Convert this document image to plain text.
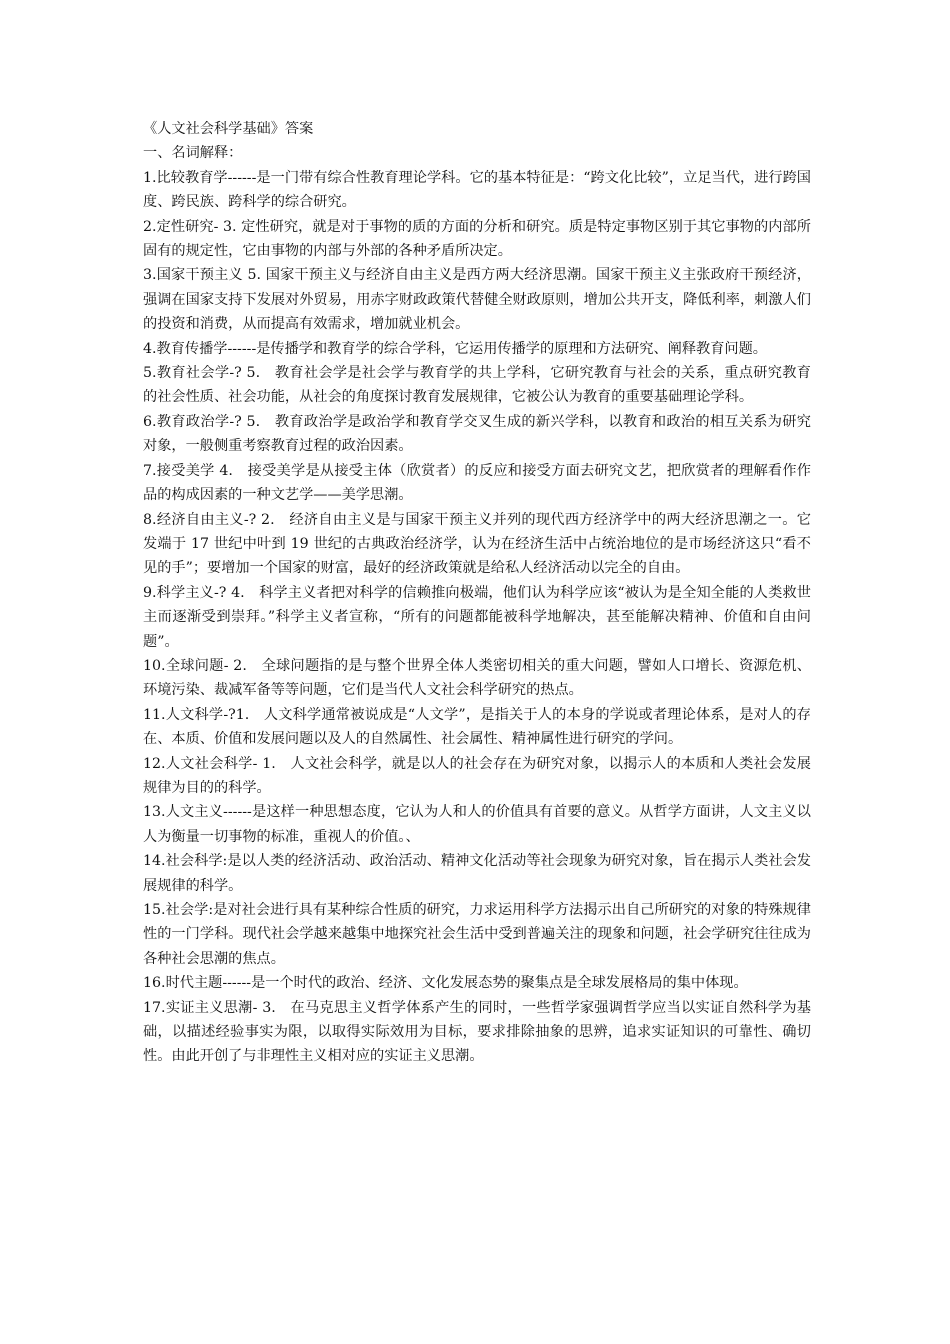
《人文社会科学基础》答案

一、名词解释：

1.比较教育学------是一门带有综合性教育理论学科。它的基本特征是：“跨文化比较”，立足当代，进行跨国度、跨民族、跨科学的综合研究。

2.定性研究- 3. 定性研究，就是对于事物的质的方面的分析和研究。质是特定事物区别于其它事物的内部所固有的规定性，它由事物的内部与外部的各种矛盾所决定。

3.国家干预主义 5. 国家干预主义与经济自由主义是西方两大经济思潮。国家干预主义主张政府干预经济，强调在国家支持下发展对外贸易，用赤字财政政策代替健全财政原则，增加公共开支，降低利率，刺激人们的投资和消费，从而提高有效需求，增加就业机会。

4.教育传播学------是传播学和教育学的综合学科，它运用传播学的原理和方法研究、阐释教育问题。

5.教育社会学-? 5.　教育社会学是社会学与教育学的共上学科，它研究教育与社会的关系，重点研究教育的社会性质、社会功能，从社会的角度探讨教育发展规律，它被公认为教育的重要基础理论学科。

6.教育政治学-? 5.　教育政治学是政治学和教育学交叉生成的新兴学科，以教育和政治的相互关系为研究对象，一般侧重考察教育过程的政治因素。

7.接受美学 4.　接受美学是从接受主体（欣赏者）的反应和接受方面去研究文艺，把欣赏者的理解看作作品的构成因素的一种文艺学——美学思潮。

8.经济自由主义-? 2.　经济自由主义是与国家干预主义并列的现代西方经济学中的两大经济思潮之一。它发端于 17 世纪中叶到 19 世纪的古典政治经济学，认为在经济生活中占统治地位的是市场经济这只“看不见的手”；要增加一个国家的财富，最好的经济政策就是给私人经济活动以完全的自由。

9.科学主义-? 4.　科学主义者把对科学的信赖推向极端，他们认为科学应该“被认为是全知全能的人类救世主而逐渐受到崇拜。”科学主义者宣称，“所有的问题都能被科学地解决，甚至能解决精神、价值和自由问题”。

10.全球问题- 2.　全球问题指的是与整个世界全体人类密切相关的重大问题，譬如人口增长、资源危机、环境污染、裁减军备等等问题，它们是当代人文社会科学研究的热点。

11.人文科学-?1.　人文科学通常被说成是“人文学”，是指关于人的本身的学说或者理论体系，是对人的存在、本质、价值和发展问题以及人的自然属性、社会属性、精神属性进行研究的学问。

12.人文社会科学- 1.　人文社会科学，就是以人的社会存在为研究对象，以揭示人的本质和人类社会发展规律为目的的科学。

13.人文主义------是这样一种思想态度，它认为人和人的价值具有首要的意义。从哲学方面讲，人文主义以人为衡量一切事物的标准，重视人的价值。、

14.社会科学:是以人类的经济活动、政治活动、精神文化活动等社会现象为研究对象，旨在揭示人类社会发展规律的科学。

15.社会学:是对社会进行具有某种综合性质的研究，力求运用科学方法揭示出自己所研究的对象的特殊规律性的一门学科。现代社会学越来越集中地探究社会生活中受到普遍关注的现象和问题，社会学研究往往成为各种社会思潮的焦点。

16.时代主题------是一个时代的政治、经济、文化发展态势的聚集点是全球发展格局的集中体现。

17.实证主义思潮- 3.　在马克思主义哲学体系产生的同时，一些哲学家强调哲学应当以实证自然科学为基础，以描述经验事实为限，以取得实际效用为目标，要求排除抽象的思辨，追求实证知识的可靠性、确切性。由此开创了与非理性主义相对应的实证主义思潮。
